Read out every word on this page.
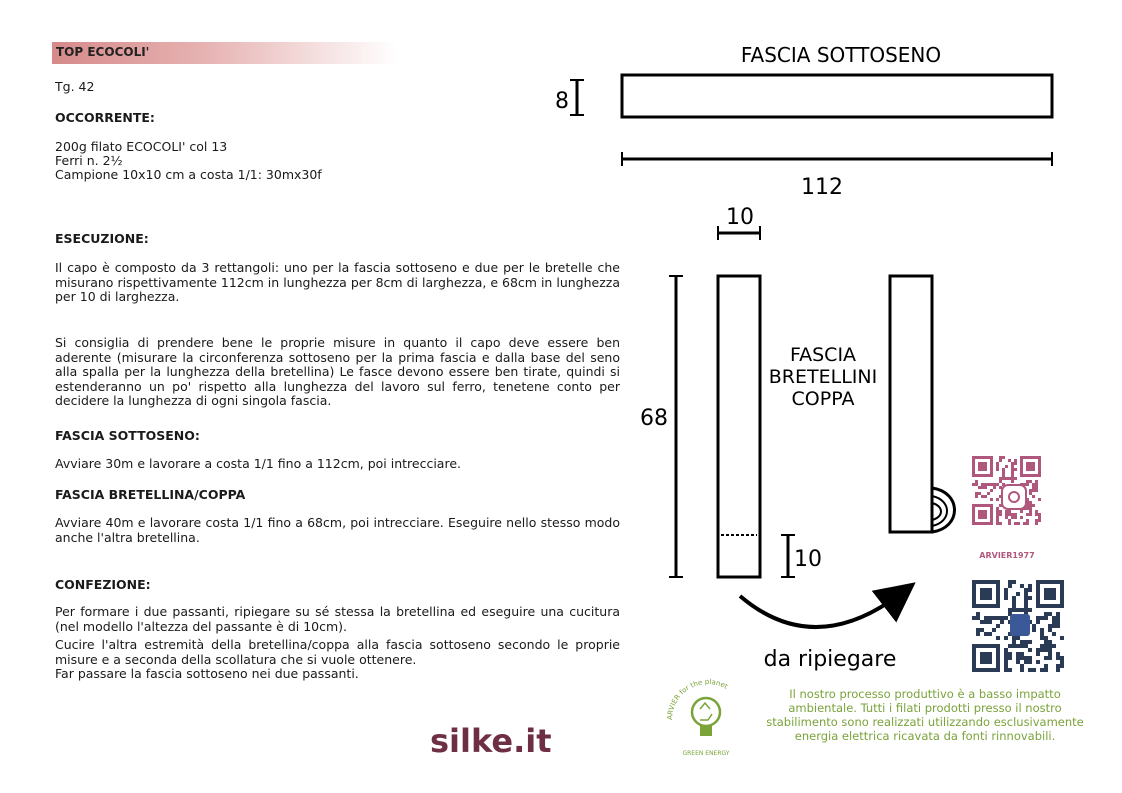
TOP ECOCOLI'
Tg. 42
OCCORRENTE:
200g filato ECOCOLI' col 13
Ferri n. 2½
Campione 10x10 cm a costa 1/1: 30mx30f
ESECUZIONE:
Il capo è composto da 3 rettangoli: uno per la fascia sottoseno e due per le bretelle che misurano rispettivamente 112cm in lunghezza per 8cm di larghezza, e 68cm in lunghezza per 10 di larghezza.
Si consiglia di prendere bene le proprie misure in quanto il capo deve essere ben aderente (misurare la circonferenza sottoseno per la prima fascia e dalla base del seno alla spalla per la lunghezza della bretellina) Le fasce devono essere ben tirate, quindi si estenderanno un po' rispetto alla lunghezza del lavoro sul ferro, tenetene conto per decidere la lunghezza di ogni singola fascia.
FASCIA SOTTOSENO:
Avviare 30m e lavorare a costa 1/1 fino a 112cm, poi intrecciare.
FASCIA BRETELLINA/COPPA
Avviare 40m e lavorare costa 1/1 fino a 68cm, poi intrecciare. Eseguire nello stesso modo anche l'altra bretellina.
CONFEZIONE:
Per formare i due passanti, ripiegare su sé stessa la bretellina ed eseguire una cucitura (nel modello l'altezza del passante è di 10cm).
Cucire l'altra estremità della bretellina/coppa alla fascia sottoseno secondo le proprie misure e a seconda della scollatura che si vuole ottenere.
Far passare la fascia sottoseno nei due passanti.
silke.it
FASCIA SOTTOSENO
8
112
10
68
10
FASCIA
BRETELLINI
COPPA
da ripiegare
ARVIER1977
ARVIER for the planet
GREEN ENERGY
Il nostro processo produttivo è a basso impatto ambientale. Tutti i filati prodotti presso il nostro stabilimento sono realizzati utilizzando esclusivamente energia elettrica ricavata da fonti rinnovabili.
